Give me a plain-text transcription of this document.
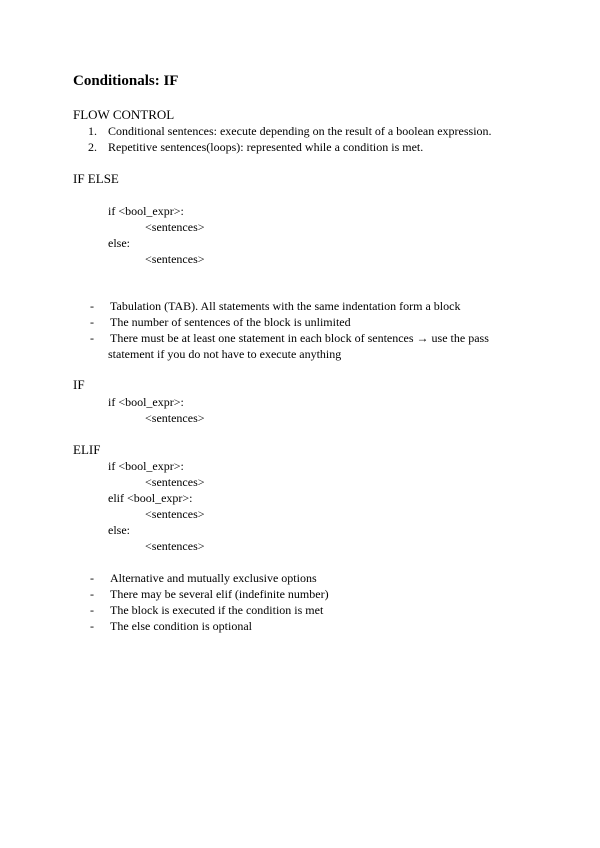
Conditionals: IF
FLOW CONTROL
1. Conditional sentences: execute depending on the result of a boolean expression.
2. Repetitive sentences(loops): represented while a condition is met.
IF ELSE
if <bool_expr>:
<sentences>
else:
<sentences>
- Tabulation (TAB). All statements with the same indentation form a block
- The number of sentences of the block is unlimited
- There must be at least one statement in each block of sentences → use the pass
statement if you do not have to execute anything
IF
if <bool_expr>:
<sentences>
ELIF
if <bool_expr>:
<sentences>
elif <bool_expr>:
<sentences>
else:
<sentences>
- Alternative and mutually exclusive options
- There may be several elif (indefinite number)
- The block is executed if the condition is met
- The else condition is optional
